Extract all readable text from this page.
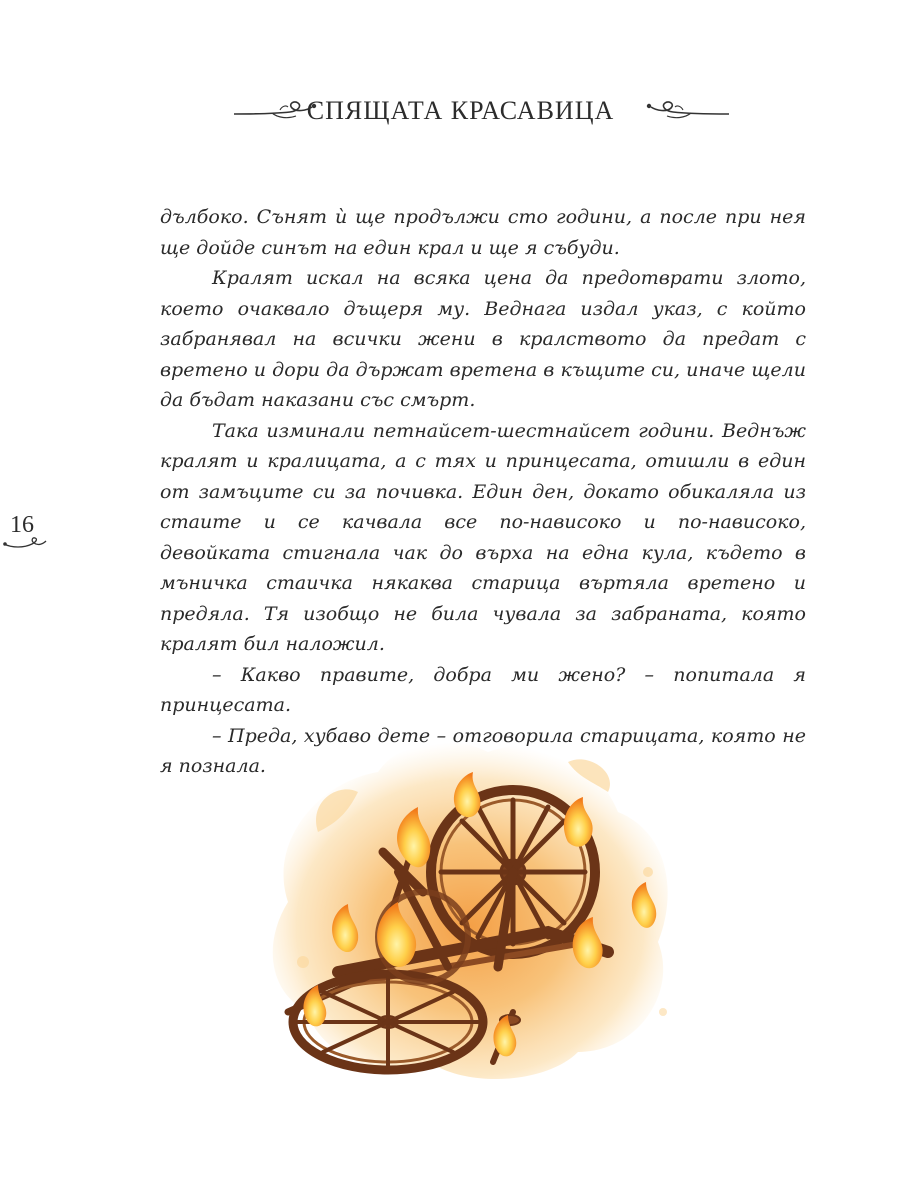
СПЯЩАТА КРАСАВИЦА
16

дълбоко. Сънят ѝ ще продължи сто години, а после при нея ще дойде синът на един крал и ще я събуди.

Кралят искал на всяка цена да предотврати злото, което очаквало дъщеря му. Веднага издал указ, с който забранявал на всички жени в кралството да предат с вретено и дори да държат вретена в къщите си, иначе щели да бъдат наказани със смърт.

Така изминали петнайсет-шестнайсет години. Веднъж кралят и кралицата, а с тях и принцесата, отишли в един от замъците си за почивка. Един ден, докато обикаляла из стаите и се качвала все по-нависоко и по-нависоко, девойката стигнала чак до върха на една кула, където в мъничка стаичка някаква старица въртяла вретено и предяла. Тя изобщо не била чувала за забраната, която кралят бил наложил.

– Какво правите, добра ми жено? – попитала я принцесата.

– Преда, хубаво дете – отговорила старицата, която не я познала.
